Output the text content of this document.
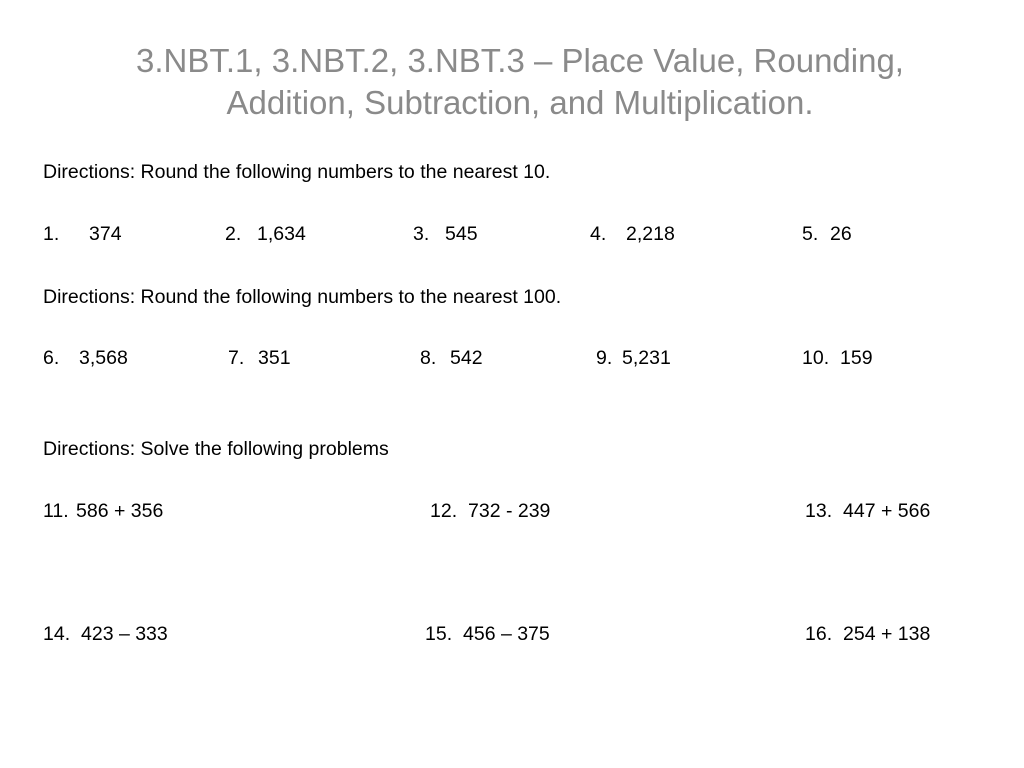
3.NBT.1, 3.NBT.2, 3.NBT.3 – Place Value, Rounding,
Addition, Subtraction, and Multiplication.
Directions: Round the following numbers to the nearest 10.
1. 374	2. 1,634	3. 545	4. 2,218	5. 26
Directions: Round the following numbers to the nearest 100.
6. 3,568	7. 351	8. 542	9. 5,231	10. 159
Directions: Solve the following problems
11. 586 + 356	12. 732 - 239	13. 447 + 566
14. 423 – 333	15. 456 – 375	16. 254 + 138
